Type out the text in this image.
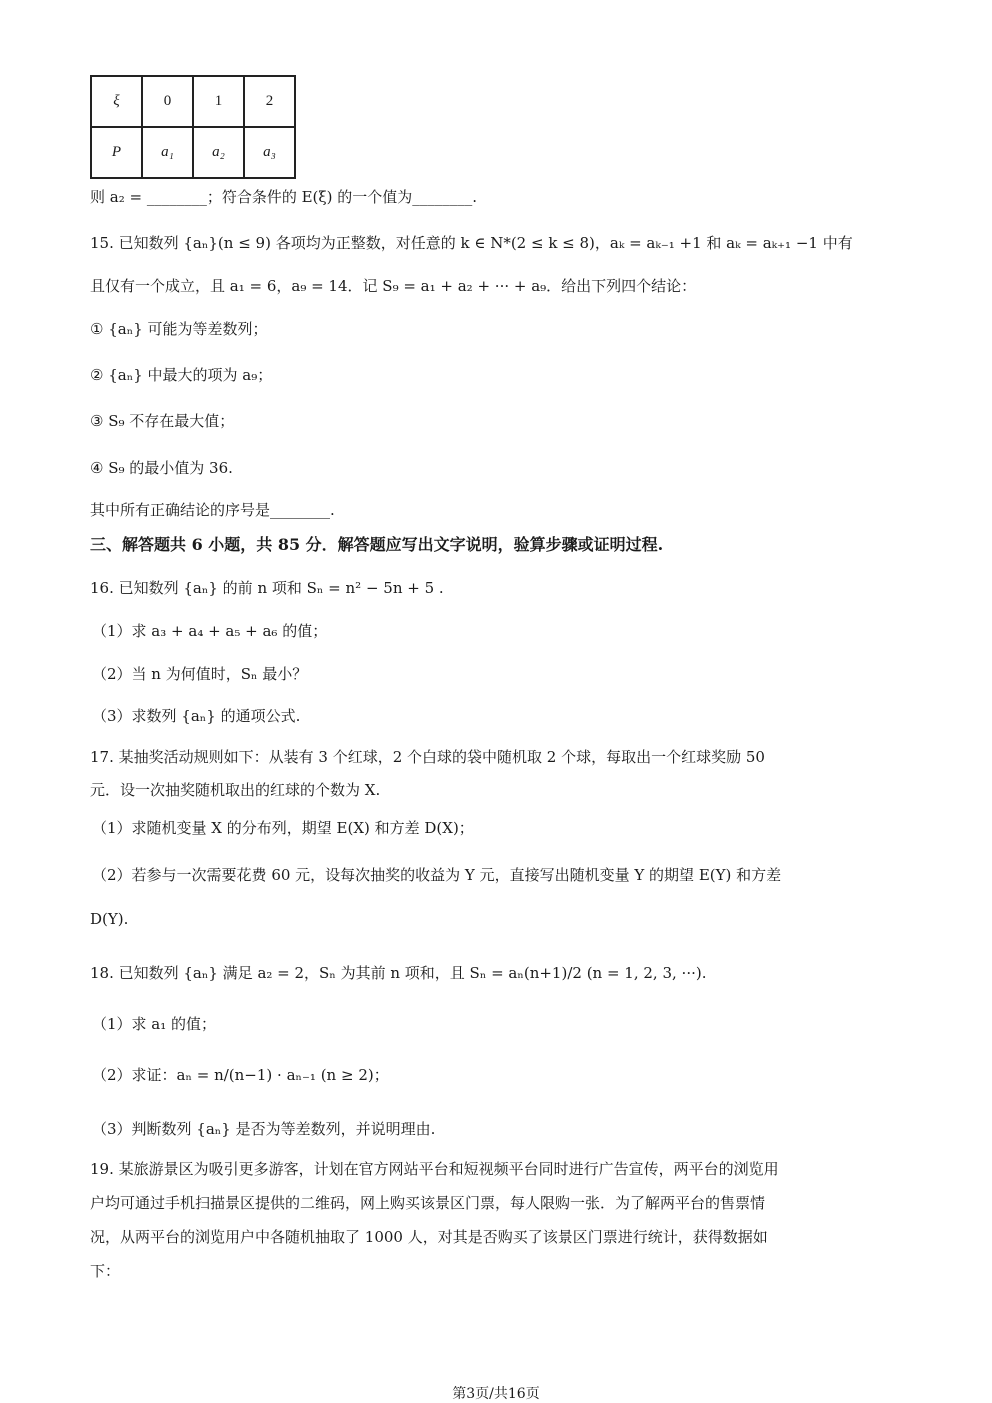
ξ	0	1	2
P	a₁	a₂	a₃
则 a₂ = ________；符合条件的 E(ξ) 的一个值为________.
15. 已知数列 {aₙ}(n ≤ 9) 各项均为正整数，对任意的 k ∈ N*(2 ≤ k ≤ 8)，aₖ = aₖ₋₁ +1 和 aₖ = aₖ₊₁ −1 中有
且仅有一个成立，且 a₁ = 6，a₉ = 14．记 S₉ = a₁ + a₂ + ··· + a₉．给出下列四个结论：
① {aₙ} 可能为等差数列；
② {aₙ} 中最大的项为 a₉；
③ S₉ 不存在最大值；
④ S₉ 的最小值为 36.
其中所有正确结论的序号是________.
三、解答题共 6 小题，共 85 分．解答题应写出文字说明，验算步骤或证明过程.
16. 已知数列 {aₙ} 的前 n 项和 Sₙ = n² − 5n + 5 .
（1）求 a₃ + a₄ + a₅ + a₆ 的值；
（2）当 n 为何值时，Sₙ 最小？
（3）求数列 {aₙ} 的通项公式.
17. 某抽奖活动规则如下：从装有 3 个红球，2 个白球的袋中随机取 2 个球，每取出一个红球奖励 50
元．设一次抽奖随机取出的红球的个数为 X.
（1）求随机变量 X 的分布列，期望 E(X) 和方差 D(X)；
（2）若参与一次需要花费 60 元，设每次抽奖的收益为 Y 元，直接写出随机变量 Y 的期望 E(Y) 和方差
D(Y).
18. 已知数列 {aₙ} 满足 a₂ = 2，Sₙ 为其前 n 项和，且 Sₙ = aₙ(n+1)/2 (n = 1, 2, 3, ···).
（1）求 a₁ 的值；
（2）求证：aₙ = n/(n−1) · aₙ₋₁ (n ≥ 2)；
（3）判断数列 {aₙ} 是否为等差数列，并说明理由.
19. 某旅游景区为吸引更多游客，计划在官方网站平台和短视频平台同时进行广告宣传，两平台的浏览用
户均可通过手机扫描景区提供的二维码，网上购买该景区门票，每人限购一张．为了解两平台的售票情
况，从两平台的浏览用户中各随机抽取了 1000 人，对其是否购买了该景区门票进行统计，获得数据如
下：
第3页/共16页
